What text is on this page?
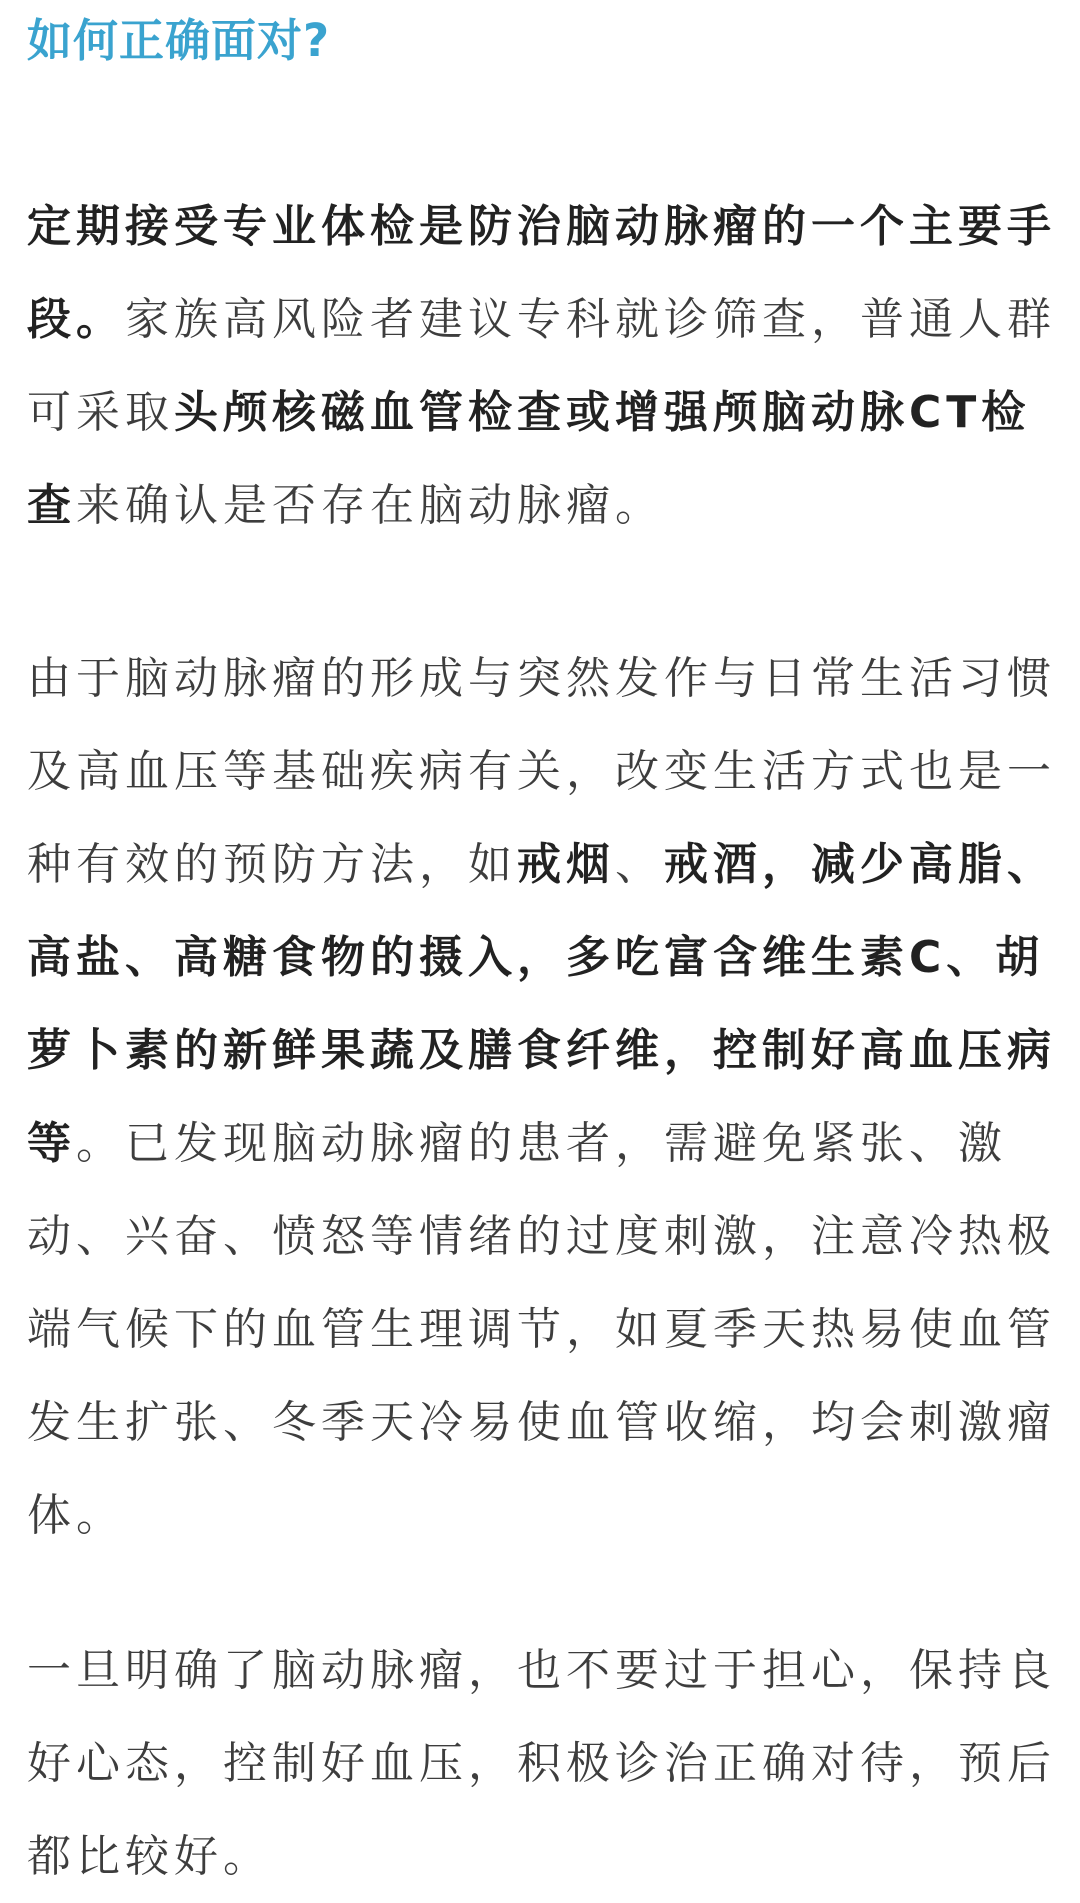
如何正确面对?

定期接受专业体检是防治脑动脉瘤的一个主要手段。家族高风险者建议专科就诊筛查，普通人群可采取头颅核磁血管检查或增强颅脑动脉CT检查来确认是否存在脑动脉瘤。

由于脑动脉瘤的形成与突然发作与日常生活习惯及高血压等基础疾病有关，改变生活方式也是一种有效的预防方法，如戒烟、戒酒，减少高脂、高盐、高糖食物的摄入，多吃富含维生素C、胡萝卜素的新鲜果蔬及膳食纤维，控制好高血压病等。已发现脑动脉瘤的患者，需避免紧张、激动、兴奋、愤怒等情绪的过度刺激，注意冷热极端气候下的血管生理调节，如夏季天热易使血管发生扩张、冬季天冷易使血管收缩，均会刺激瘤体。

一旦明确了脑动脉瘤，也不要过于担心，保持良好心态，控制好血压，积极诊治正确对待，预后都比较好。
